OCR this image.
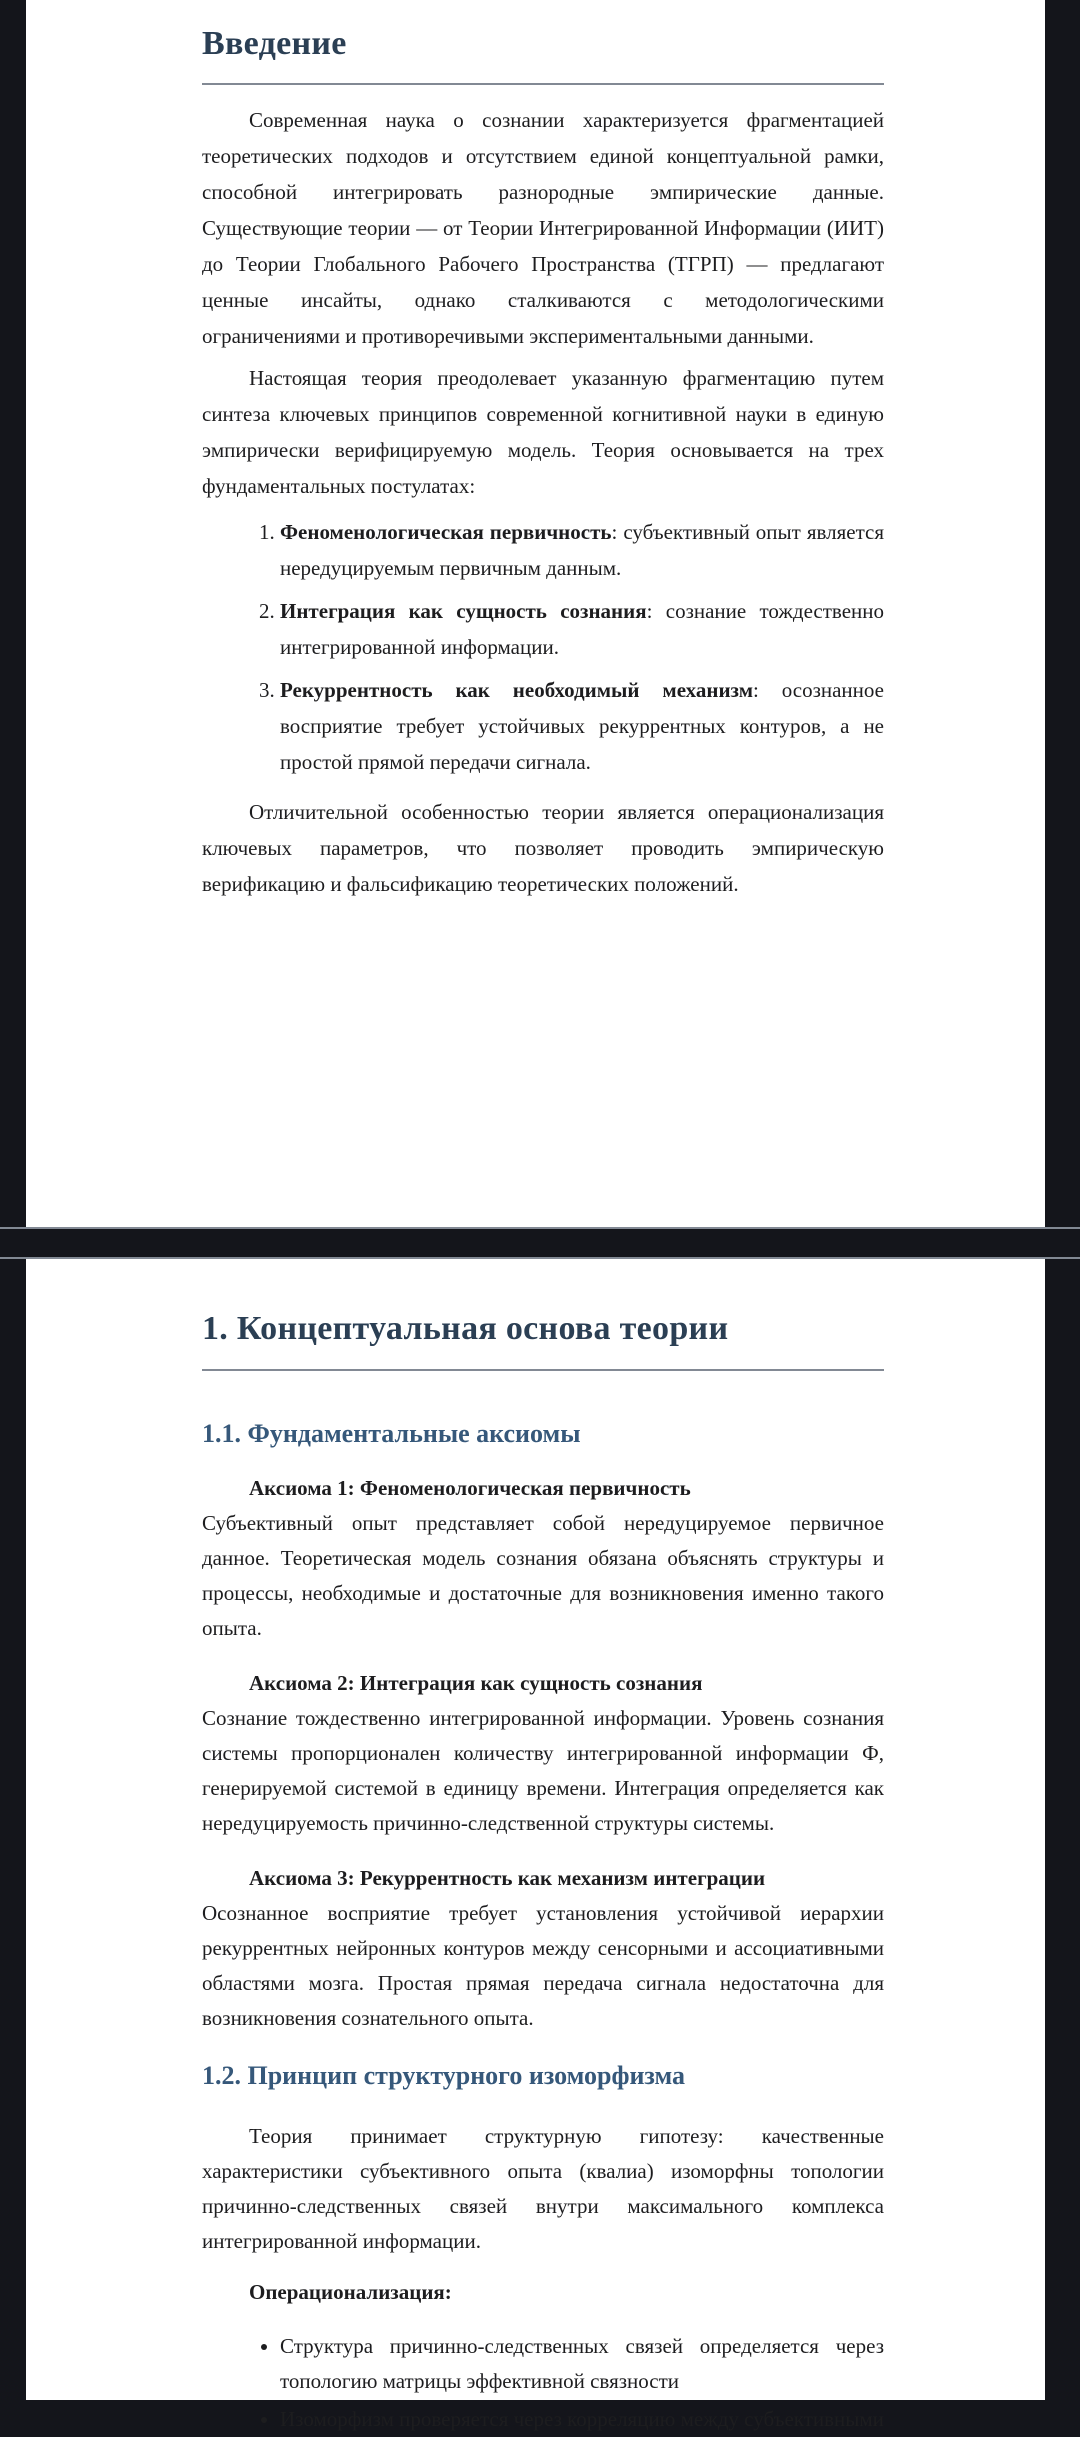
Введение

Современная наука о сознании характеризуется фрагментацией теоретических подходов и отсутствием единой концептуальной рамки, способной интегрировать разнородные эмпирические данные. Существующие теории — от Теории Интегрированной Информации (ИИТ) до Теории Глобального Рабочего Пространства (ТГРП) — предлагают ценные инсайты, однако сталкиваются с методологическими ограничениями и противоречивыми экспериментальными данными.

Настоящая теория преодолевает указанную фрагментацию путем синтеза ключевых принципов современной когнитивной науки в единую эмпирически верифицируемую модель. Теория основывается на трех фундаментальных постулатах:

1. Феноменологическая первичность: субъективный опыт является нередуцируемым первичным данным.
2. Интеграция как сущность сознания: сознание тождественно интегрированной информации.
3. Рекуррентность как необходимый механизм: осознанное восприятие требует устойчивых рекуррентных контуров, а не простой прямой передачи сигнала.

Отличительной особенностью теории является операционализация ключевых параметров, что позволяет проводить эмпирическую верификацию и фальсификацию теоретических положений.

1. Концептуальная основа теории
1.1. Фундаментальные аксиомы

Аксиома 1: Феноменологическая первичность

Субъективный опыт представляет собой нередуцируемое первичное данное. Теоретическая модель сознания обязана объяснять структуры и процессы, необходимые и достаточные для возникновения именно такого опыта.

Аксиома 2: Интеграция как сущность сознания

Сознание тождественно интегрированной информации. Уровень сознания системы пропорционален количеству интегрированной информации Ф, генерируемой системой в единицу времени. Интеграция определяется как нередуцируемость причинно-следственной структуры системы.

Аксиома 3: Рекуррентность как механизм интеграции

Осознанное восприятие требует установления устойчивой иерархии рекуррентных нейронных контуров между сенсорными и ассоциативными областями мозга. Простая прямая передача сигнала недостаточна для возникновения сознательного опыта.

1.2. Принцип структурного изоморфизма

Теория принимает структурную гипотезу: качественные характеристики субъективного опыта (квалиа) изоморфны топологии причинно-следственных связей внутри максимального комплекса интегрированной информации.

Операционализация:

• Структура причинно-следственных связей определяется через топологию матрицы эффективной связности
• Изоморфизм проверяется через корреляцию между субъективными
